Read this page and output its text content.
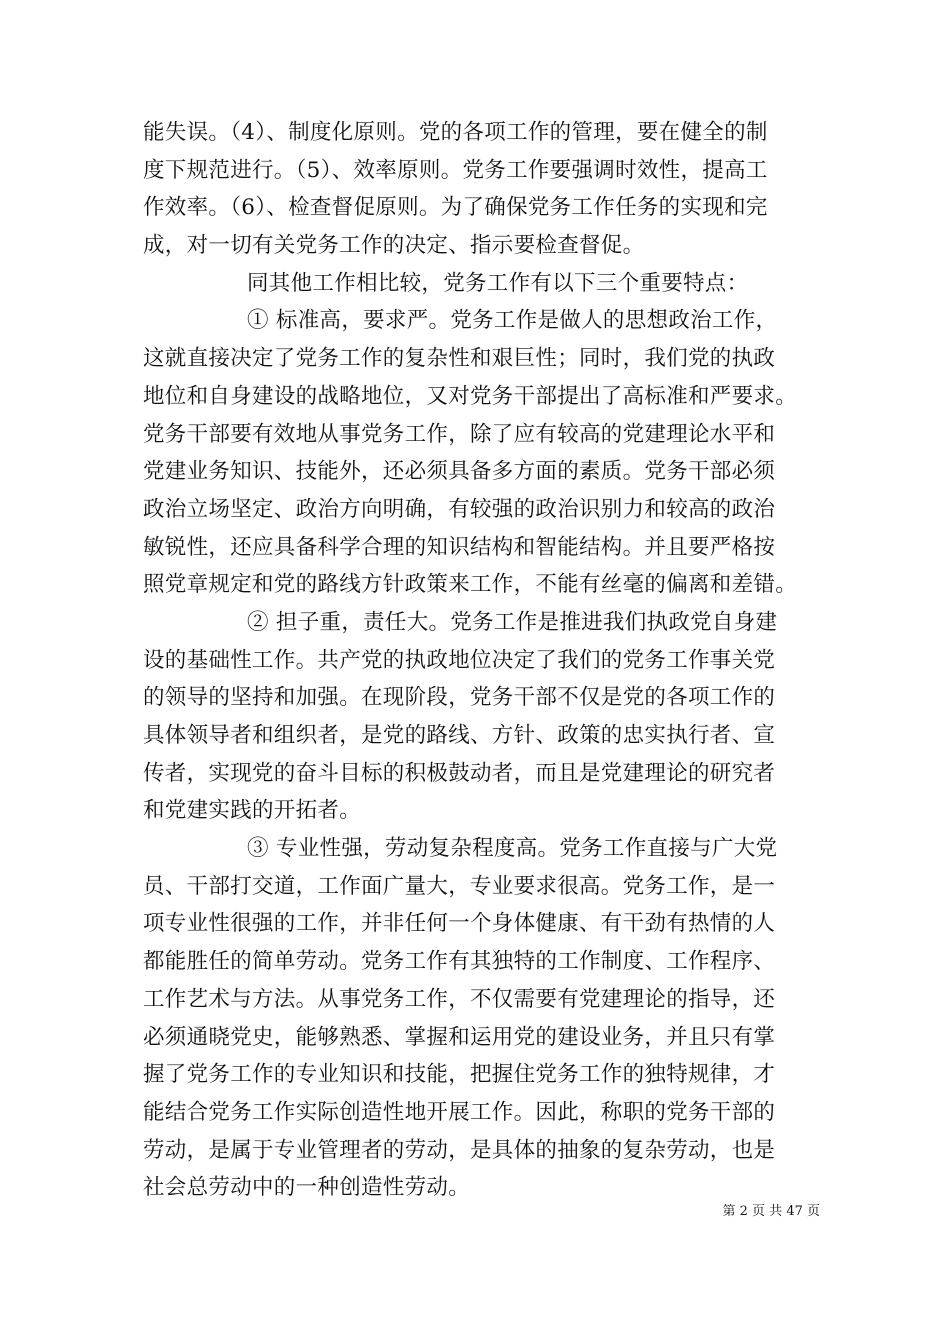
能失误。（4）、制度化原则。党的各项工作的管理，要在健全的制
度下规范进行。（5）、效率原则。党务工作要强调时效性，提高工
作效率。（6）、检查督促原则。为了确保党务工作任务的实现和完
成，对一切有关党务工作的决定、指示要检查督促。
同其他工作相比较，党务工作有以下三个重要特点：
① 标准高，要求严。党务工作是做人的思想政治工作，
这就直接决定了党务工作的复杂性和艰巨性；同时，我们党的执政
地位和自身建设的战略地位，又对党务干部提出了高标准和严要求。
党务干部要有效地从事党务工作，除了应有较高的党建理论水平和
党建业务知识、技能外，还必须具备多方面的素质。党务干部必须
政治立场坚定、政治方向明确，有较强的政治识别力和较高的政治
敏锐性，还应具备科学合理的知识结构和智能结构。并且要严格按
照党章规定和党的路线方针政策来工作，不能有丝毫的偏离和差错。
② 担子重，责任大。党务工作是推进我们执政党自身建
设的基础性工作。共产党的执政地位决定了我们的党务工作事关党
的领导的坚持和加强。在现阶段，党务干部不仅是党的各项工作的
具体领导者和组织者，是党的路线、方针、政策的忠实执行者、宣
传者，实现党的奋斗目标的积极鼓动者，而且是党建理论的研究者
和党建实践的开拓者。
③ 专业性强，劳动复杂程度高。党务工作直接与广大党
员、干部打交道，工作面广量大，专业要求很高。党务工作，是一
项专业性很强的工作，并非任何一个身体健康、有干劲有热情的人
都能胜任的简单劳动。党务工作有其独特的工作制度、工作程序、
工作艺术与方法。从事党务工作，不仅需要有党建理论的指导，还
必须通晓党史，能够熟悉、掌握和运用党的建设业务，并且只有掌
握了党务工作的专业知识和技能，把握住党务工作的独特规律，才
能结合党务工作实际创造性地开展工作。因此，称职的党务干部的
劳动，是属于专业管理者的劳动，是具体的抽象的复杂劳动，也是
社会总劳动中的一种创造性劳动。
第 2 页 共 47 页
